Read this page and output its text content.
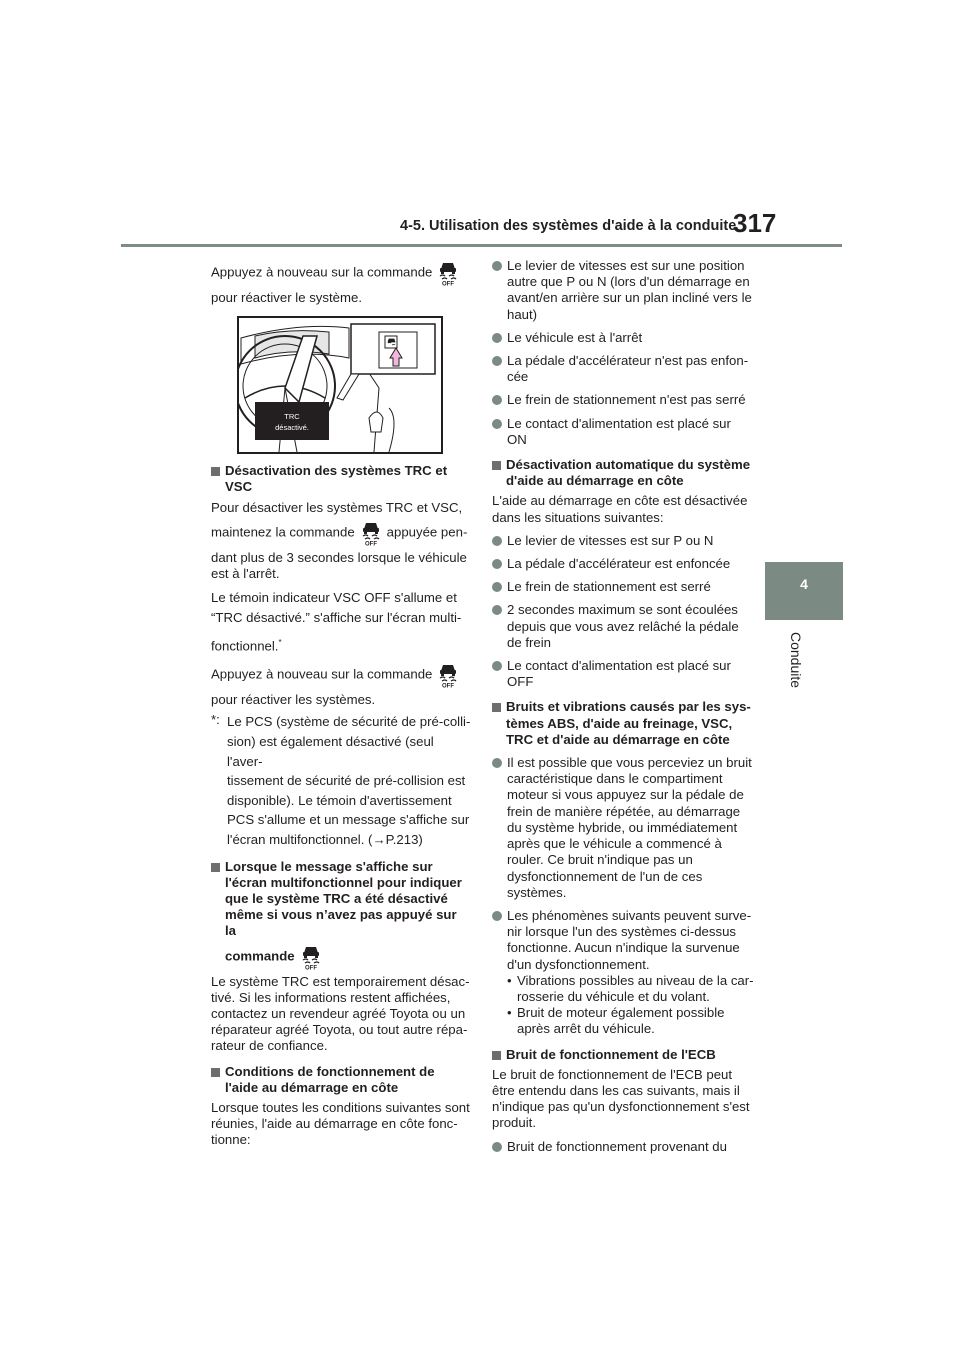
4-5. Utilisation des systèmes d'aide à la conduite
317
4
Conduite

Appuyez à nouveau sur la commande

pour réactiver le système.

TRC
désactivé.
Désactivation des systèmes TRC et VSC

Pour désactiver les systèmes TRC et VSC,

maintenez la commande appuyée pen-

dant plus de 3 secondes lorsque le véhicule est à l'arrêt.

Le témoin indicateur VSC OFF s'allume et

“TRC désactivé.” s'affiche sur l'écran multi-

fonctionnel.*

Appuyez à nouveau sur la commande

pour réactiver les systèmes.

*: Le PCS (système de sécurité de pré-colli-

sion) est également désactivé (seul l'aver-

tissement de sécurité de pré-collision est

disponible). Le témoin d'avertissement

PCS s'allume et un message s'affiche sur

l'écran multifonctionnel. (→P.213)

Lorsque le message s'affiche sur l'écran multifonctionnel pour indiquer que le système TRC a été désactivé même si vous n’avez pas appuyé sur la
commande

Le système TRC est temporairement désac-tivé. Si les informations restent affichées, contactez un revendeur agréé Toyota ou un réparateur agréé Toyota, ou tout autre répa-rateur de confiance.

Conditions de fonctionnement de l'aide au démarrage en côte

Lorsque toutes les conditions suivantes sont réunies, l'aide au démarrage en côte fonc-tionne:

Le levier de vitesses est sur une position autre que P ou N (lors d'un démarrage en avant/en arrière sur un plan incliné vers le haut)
Le véhicule est à l'arrêt
La pédale d'accélérateur n'est pas enfon-cée
Le frein de stationnement n'est pas serré
Le contact d'alimentation est placé sur ON
Désactivation automatique du système d'aide au démarrage en côte

L'aide au démarrage en côte est désactivée dans les situations suivantes:

Le levier de vitesses est sur P ou N
La pédale d'accélérateur est enfoncée
Le frein de stationnement est serré
2 secondes maximum se sont écoulées depuis que vous avez relâché la pédale de frein
Le contact d'alimentation est placé sur OFF
Bruits et vibrations causés par les sys-tèmes ABS, d'aide au freinage, VSC, TRC et d'aide au démarrage en côte
Il est possible que vous perceviez un bruit caractéristique dans le compartiment moteur si vous appuyez sur la pédale de frein de manière répétée, au démarrage du système hybride, ou immédiatement après que le véhicule a commencé à rouler. Ce bruit n'indique pas un dysfonctionnement de l'un de ces systèmes.
Les phénomènes suivants peuvent surve-nir lorsque l'un des systèmes ci-dessus fonctionne. Aucun n'indique la survenue d'un dysfonctionnement.
• Vibrations possibles au niveau de la car-rosserie du véhicule et du volant.
• Bruit de moteur également possible après arrêt du véhicule.
Bruit de fonctionnement de l'ECB

Le bruit de fonctionnement de l'ECB peut être entendu dans les cas suivants, mais il n'indique pas qu'un dysfonctionnement s'est produit.

Bruit de fonctionnement provenant du
